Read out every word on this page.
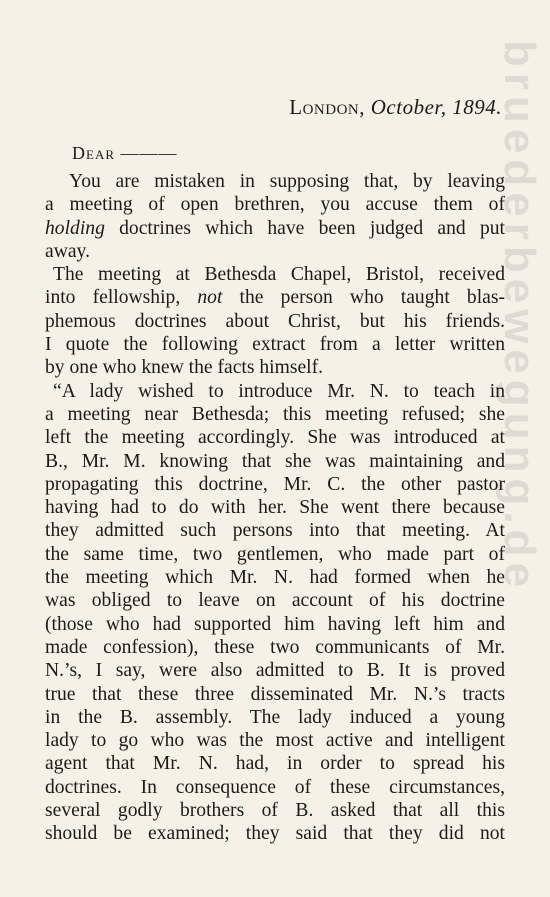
bruederbewegung.de
London, October, 1894.
Dear ———
You are mistaken in supposing that, by leaving
a meeting of open brethren, you accuse them of
holding doctrines which have been judged and put
away.
The meeting at Bethesda Chapel, Bristol, received
into fellowship, not the person who taught blas-
phemous doctrines about Christ, but his friends.
I quote the following extract from a letter written
by one who knew the facts himself.
“A lady wished to introduce Mr. N. to teach in
a meeting near Bethesda; this meeting refused; she
left the meeting accordingly. She was introduced at
B., Mr. M. knowing that she was maintaining and
propagating this doctrine, Mr. C. the other pastor
having had to do with her. She went there because
they admitted such persons into that meeting. At
the same time, two gentlemen, who made part of
the meeting which Mr. N. had formed when he
was obliged to leave on account of his doctrine
(those who had supported him having left him and
made confession), these two communicants of Mr.
N.’s, I say, were also admitted to B. It is proved
true that these three disseminated Mr. N.’s tracts
in the B. assembly. The lady induced a young
lady to go who was the most active and intelligent
agent that Mr. N. had, in order to spread his
doctrines. In consequence of these circumstances,
several godly brothers of B. asked that all this
should be examined; they said that they did not
